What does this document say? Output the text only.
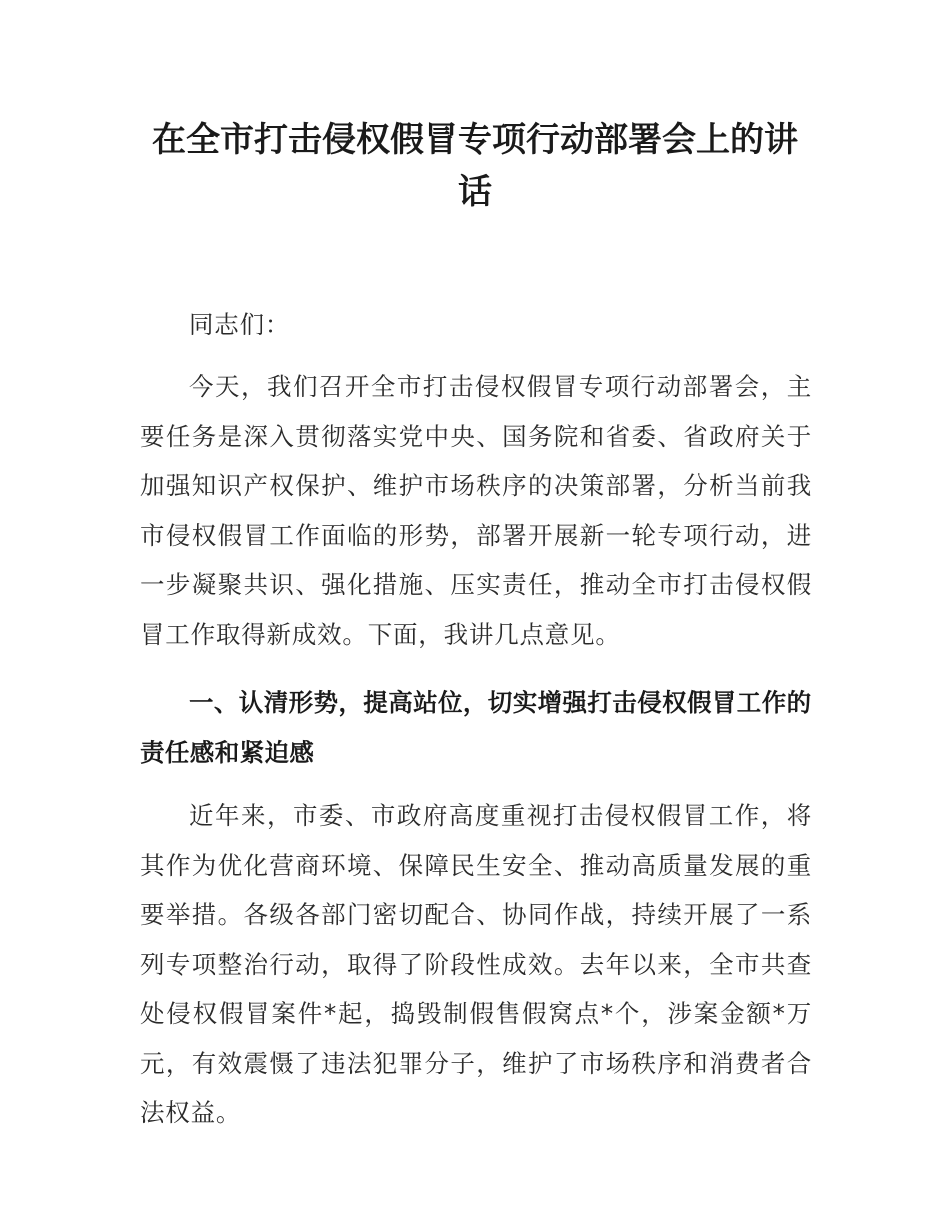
在全市打击侵权假冒专项行动部署会上的讲话
同志们：
今天，我们召开全市打击侵权假冒专项行动部署会，主要任务是深入贯彻落实党中央、国务院和省委、省政府关于加强知识产权保护、维护市场秩序的决策部署，分析当前我市侵权假冒工作面临的形势，部署开展新一轮专项行动，进一步凝聚共识、强化措施、压实责任，推动全市打击侵权假冒工作取得新成效。下面，我讲几点意见。
一、认清形势，提高站位，切实增强打击侵权假冒工作的责任感和紧迫感
近年来，市委、市政府高度重视打击侵权假冒工作，将其作为优化营商环境、保障民生安全、推动高质量发展的重要举措。各级各部门密切配合、协同作战，持续开展了一系列专项整治行动，取得了阶段性成效。去年以来，全市共查处侵权假冒案件*起，捣毁制假售假窝点*个，涉案金额*万元，有效震慑了违法犯罪分子，维护了市场秩序和消费者合法权益。
